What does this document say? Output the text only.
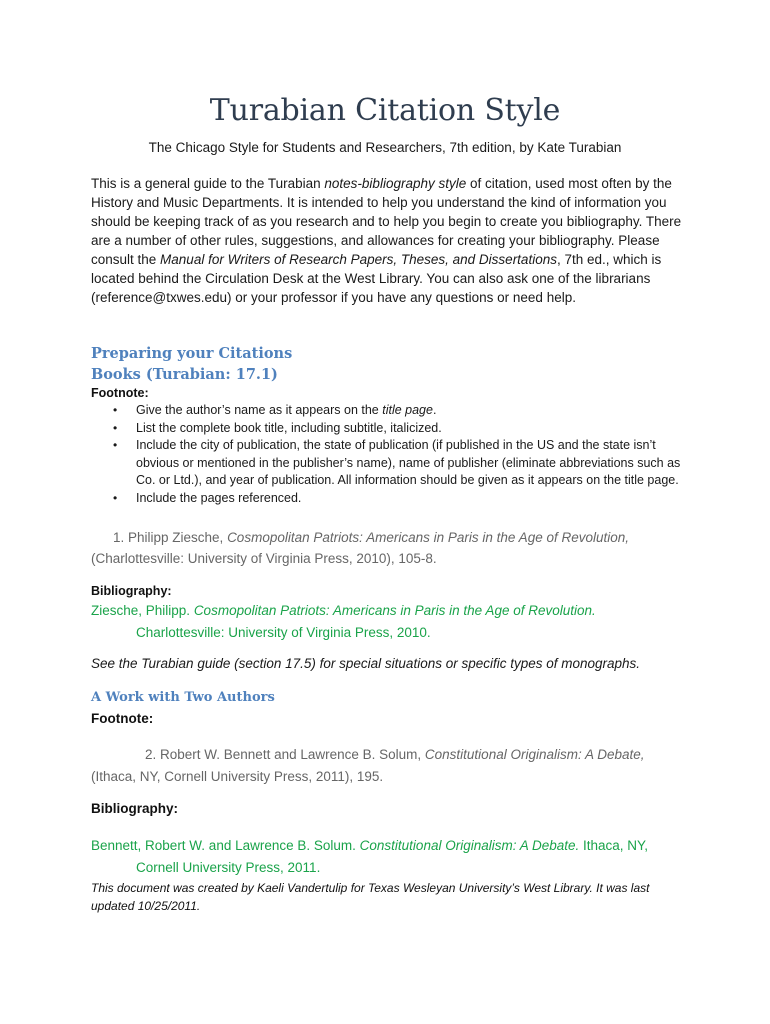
Turabian Citation Style
The Chicago Style for Students and Researchers, 7th edition, by Kate Turabian
This is a general guide to the Turabian notes-bibliography style of citation, used most often by the History and Music Departments. It is intended to help you understand the kind of information you should be keeping track of as you research and to help you begin to create you bibliography. There are a number of other rules, suggestions, and allowances for creating your bibliography. Please consult the Manual for Writers of Research Papers, Theses, and Dissertations, 7th ed., which is located behind the Circulation Desk at the West Library. You can also ask one of the librarians (reference@txwes.edu) or your professor if you have any questions or need help.
Preparing your Citations
Books (Turabian: 17.1)
Footnote:
• Give the author’s name as it appears on the title page.
• List the complete book title, including subtitle, italicized.
• Include the city of publication, the state of publication (if published in the US and the state isn’t obvious or mentioned in the publisher’s name), name of publisher (eliminate abbreviations such as Co. or Ltd.), and year of publication. All information should be given as it appears on the title page.
• Include the pages referenced.
1. Philipp Ziesche, Cosmopolitan Patriots: Americans in Paris in the Age of Revolution,
(Charlottesville: University of Virginia Press, 2010), 105-8.
Bibliography:
Ziesche, Philipp. Cosmopolitan Patriots: Americans in Paris in the Age of Revolution.
Charlottesville: University of Virginia Press, 2010.
See the Turabian guide (section 17.5) for special situations or specific types of monographs.
A Work with Two Authors
Footnote:
2. Robert W. Bennett and Lawrence B. Solum, Constitutional Originalism: A Debate,
(Ithaca, NY, Cornell University Press, 2011), 195.
Bibliography:
Bennett, Robert W. and Lawrence B. Solum. Constitutional Originalism: A Debate. Ithaca, NY,
Cornell University Press, 2011.
This document was created by Kaeli Vandertulip for Texas Wesleyan University’s West Library. It was last updated 10/25/2011.
